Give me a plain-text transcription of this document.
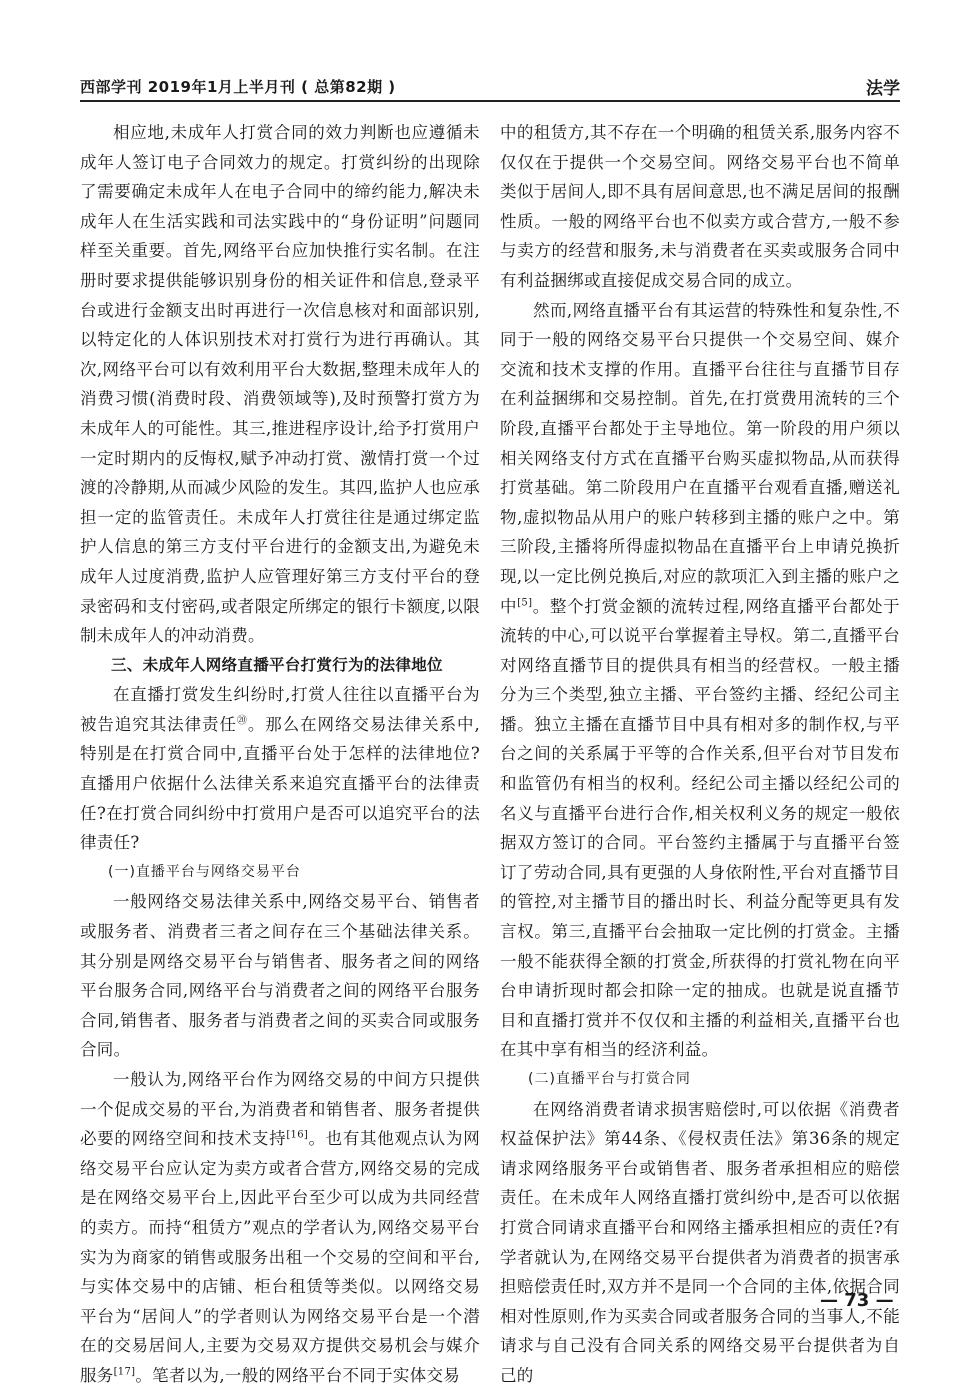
西部学刊 2019年1月上半月刊 ( 总第82期 )	法学

相应地,未成年人打赏合同的效力判断也应遵循未成年人签订电子合同效力的规定。打赏纠纷的出现除了需要确定未成年人在电子合同中的缔约能力,解决未成年人在生活实践和司法实践中的“身份证明”问题同样至关重要。首先,网络平台应加快推行实名制。在注册时要求提供能够识别身份的相关证件和信息,登录平台或进行金额支出时再进行一次信息核对和面部识别,以特定化的人体识别技术对打赏行为进行再确认。其次,网络平台可以有效利用平台大数据,整理未成年人的消费习惯(消费时段、消费领域等),及时预警打赏方为未成年人的可能性。其三,推进程序设计,给予打赏用户一定时期内的反悔权,赋予冲动打赏、激情打赏一个过渡的冷静期,从而减少风险的发生。其四,监护人也应承担一定的监管责任。未成年人打赏往往是通过绑定监护人信息的第三方支付平台进行的金额支出,为避免未成年人过度消费,监护人应管理好第三方支付平台的登录密码和支付密码,或者限定所绑定的银行卡额度,以限制未成年人的冲动消费。

三、未成年人网络直播平台打赏行为的法律地位

在直播打赏发生纠纷时,打赏人往往以直播平台为被告追究其法律责任⑳。那么在网络交易法律关系中,特别是在打赏合同中,直播平台处于怎样的法律地位?直播用户依据什么法律关系来追究直播平台的法律责任?在打赏合同纠纷中打赏用户是否可以追究平台的法律责任?

(一)直播平台与网络交易平台

一般网络交易法律关系中,网络交易平台、销售者或服务者、消费者三者之间存在三个基础法律关系。其分别是网络交易平台与销售者、服务者之间的网络平台服务合同,网络平台与消费者之间的网络平台服务合同,销售者、服务者与消费者之间的买卖合同或服务合同。

一般认为,网络平台作为网络交易的中间方只提供一个促成交易的平台,为消费者和销售者、服务者提供必要的网络空间和技术支持[16]。也有其他观点认为网络交易平台应认定为卖方或者合营方,网络交易的完成是在网络交易平台上,因此平台至少可以成为共同经营的卖方。而持“租赁方”观点的学者认为,网络交易平台实为为商家的销售或服务出租一个交易的空间和平台,与实体交易中的店铺、柜台租赁等类似。以网络交易平台为“居间人”的学者则认为网络交易平台是一个潜在的交易居间人,主要为交易双方提供交易机会与媒介服务[17]。笔者以为,一般的网络平台不同于实体交易

中的租赁方,其不存在一个明确的租赁关系,服务内容不仅仅在于提供一个交易空间。网络交易平台也不简单类似于居间人,即不具有居间意思,也不满足居间的报酬性质。一般的网络平台也不似卖方或合营方,一般不参与卖方的经营和服务,未与消费者在买卖或服务合同中有利益捆绑或直接促成交易合同的成立。

然而,网络直播平台有其运营的特殊性和复杂性,不同于一般的网络交易平台只提供一个交易空间、媒介交流和技术支撑的作用。直播平台往往与直播节目存在利益捆绑和交易控制。首先,在打赏费用流转的三个阶段,直播平台都处于主导地位。第一阶段的用户须以相关网络支付方式在直播平台购买虚拟物品,从而获得打赏基础。第二阶段用户在直播平台观看直播,赠送礼物,虚拟物品从用户的账户转移到主播的账户之中。第三阶段,主播将所得虚拟物品在直播平台上申请兑换折现,以一定比例兑换后,对应的款项汇入到主播的账户之中[5]。整个打赏金额的流转过程,网络直播平台都处于流转的中心,可以说平台掌握着主导权。第二,直播平台对网络直播节目的提供具有相当的经营权。一般主播分为三个类型,独立主播、平台签约主播、经纪公司主播。独立主播在直播节目中具有相对多的制作权,与平台之间的关系属于平等的合作关系,但平台对节目发布和监管仍有相当的权利。经纪公司主播以经纪公司的名义与直播平台进行合作,相关权利义务的规定一般依据双方签订的合同。平台签约主播属于与直播平台签订了劳动合同,具有更强的人身依附性,平台对直播节目的管控,对主播节目的播出时长、利益分配等更具有发言权。第三,直播平台会抽取一定比例的打赏金。主播一般不能获得全额的打赏金,所获得的打赏礼物在向平台申请折现时都会扣除一定的抽成。也就是说直播节目和直播打赏并不仅仅和主播的利益相关,直播平台也在其中享有相当的经济利益。

(二)直播平台与打赏合同

在网络消费者请求损害赔偿时,可以依据《消费者权益保护法》第44条、《侵权责任法》第36条的规定请求网络服务平台或销售者、服务者承担相应的赔偿责任。在未成年人网络直播打赏纠纷中,是否可以依据打赏合同请求直播平台和网络主播承担相应的责任?有学者就认为,在网络交易平台提供者为消费者的损害承担赔偿责任时,双方并不是同一个合同的主体,依据合同相对性原则,作为买卖合同或者服务合同的当事人,不能请求与自己没有合同关系的网络交易平台提供者为自己的

— 73 —
